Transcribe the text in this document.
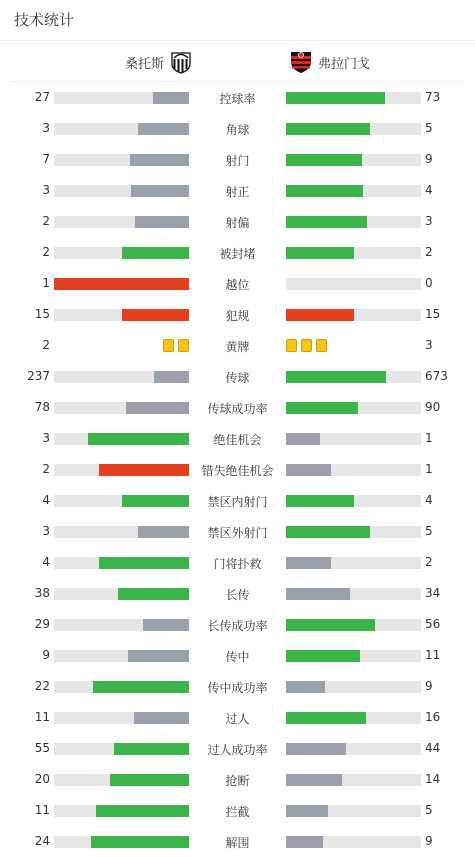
技术统计
桑托斯	弗拉门戈
27	控球率	73
3	角球	5
7	射门	9
3	射正	4
2	射偏	3
2	被封堵	2
1	越位	0
15	犯规	15
2	黄牌	3
237	传球	673
78	传球成功率	90
3	绝佳机会	1
2	错失绝佳机会	1
4	禁区内射门	4
3	禁区外射门	5
4	门将扑救	2
38	长传	34
29	长传成功率	56
9	传中	11
22	传中成功率	9
11	过人	16
55	过人成功率	44
20	抢断	14
11	拦截	5
24	解围	9
